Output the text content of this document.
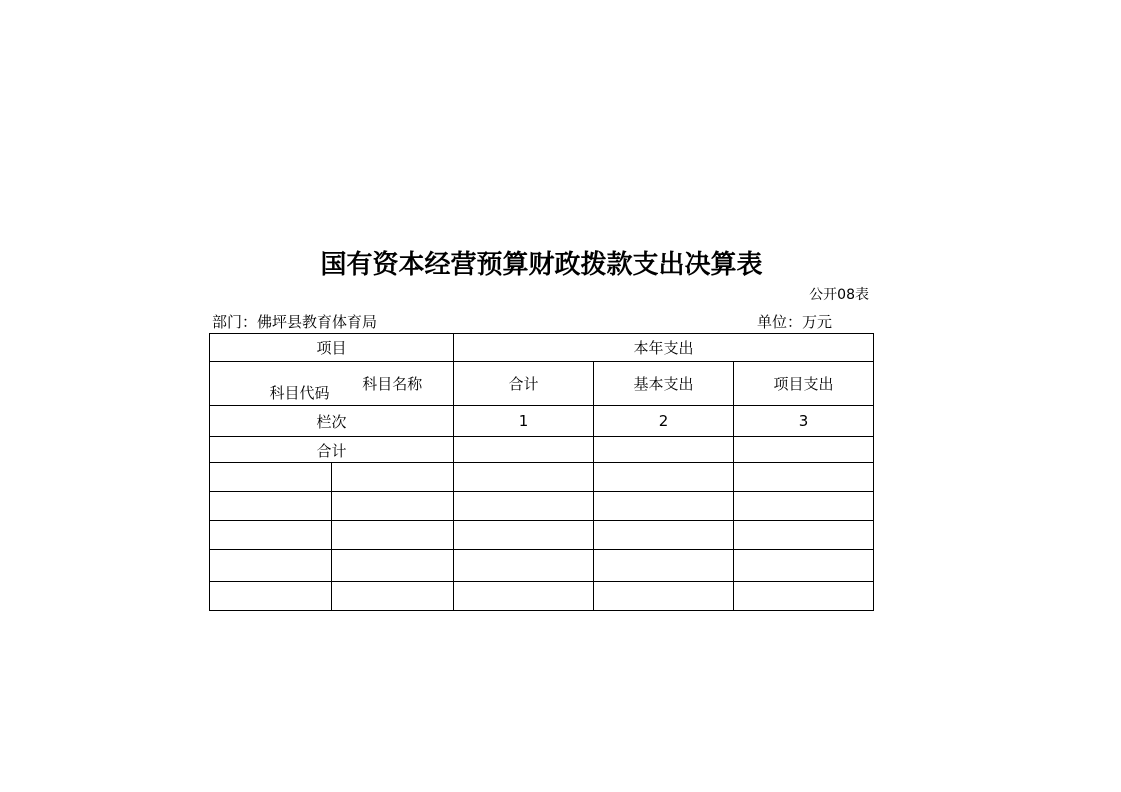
国有资本经营预算财政拨款支出决算表
公开08表
部门：佛坪县教育体育局	单位：万元
项目		本年支出		
科目代码	科目名称	合计	基本支出	项目支出
栏次		1	2	3
合计				
